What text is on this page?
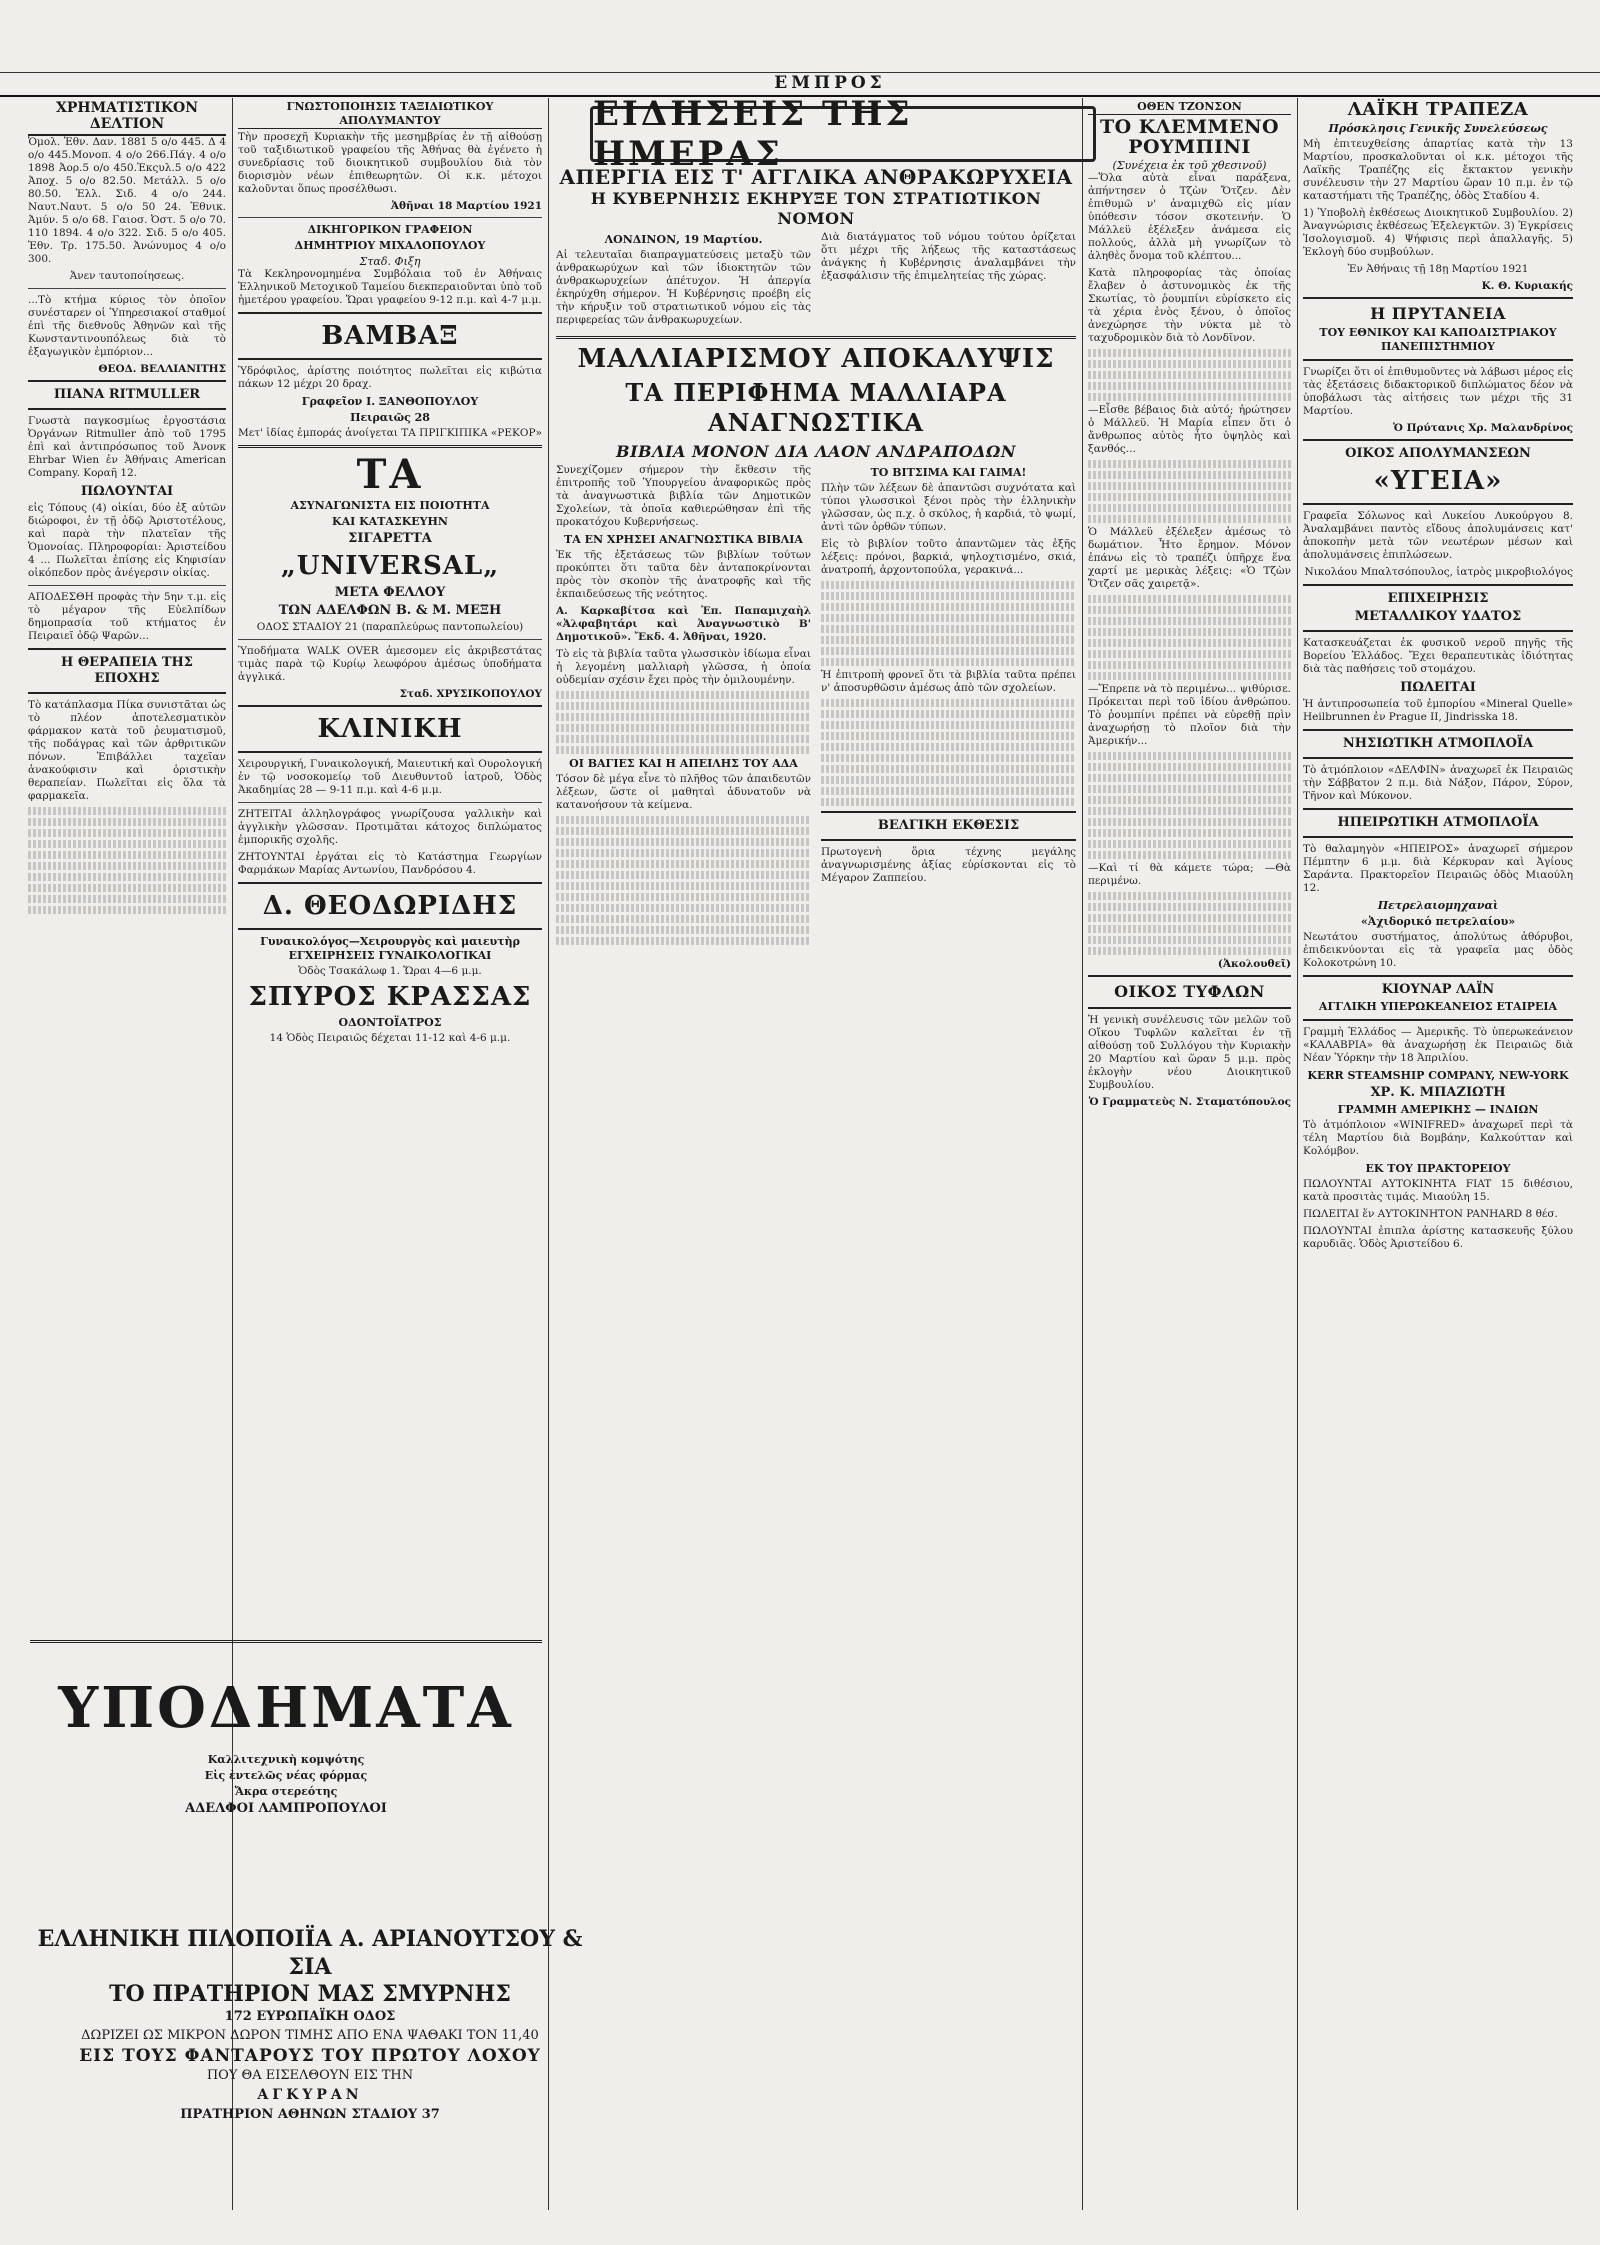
ΕΜΠΡΟΣ
ΧΡΗΜΑΤΙΣΤΙΚΟΝ ΔΕΛΤΙΟΝ

Ὁμολ. Ἐθν. Δαν. 1881 5 ο/ο 445. Δ 4 ο/ο 445.Μονοπ. 4 ο/ο 266.Πάγ. 4 ο/ο 1898 Ἀορ.5 ο/ο 450.Ἐκςυλ.5 ο/ο 422 Ἀποχ. 5 ο/ο 82.50. Μετάλλ. 5 ο/ο 80.50. Ἑλλ. Σιδ. 4 ο/ο 244. Ναυτ.Ναυτ. 5 ο/ο 50 24. Ἐθνικ. Ἀμύν. 5 ο/ο 68. Γαιοσ. Ὀστ. 5 ο/ο 70. 110 1894. 4 ο/ο 322. Σιδ. 5 ο/ο 405. Ἐθν. Τρ. 175.50. Ἀνώνυμος 4 ο/ο 300.

Ἀνεν ταυτοποίησεως.

...Τὸ κτήμα κύριος τὸν ὁποῖον συνέσταρεν οἱ Ὑπηρεσιακοί σταθμοί ἐπὶ τῆς διεθνοῦς Ἀθηνῶν καὶ τῆς Κωνσταντινουπόλεως διὰ τὸ ἐξαγωγικὸν ἐμπόριον...

ΘΕΟΔ. ΒΕΛΛΙΑΝΙΤΗΣ
ΠΙΑΝΑ RITMULLER

Γνωστὰ παγκοσμίως ἐργοστάσια Ὀργάνων Ritmuller ἀπὸ τοῦ 1795 ἐπὶ καὶ ἀντιπρόσωπος τοῦ Ἀνονκ Ehrbar Wien ἐν Ἀθήναις American Company. Κοραῆ 12.

ΠΩΛΟΥΝΤΑΙ

εἰς Τόπους (4) οἰκίαι, δύο ἐξ αὐτῶν διώροφοι, ἐν τῇ ὁδῷ Ἀριστοτέλους, καὶ παρὰ τὴν πλατεῖαν τῆς Ὁμονοίας. Πληροφορίαι: Ἀριστείδου 4 ... Πωλεῖται ἐπίσης εἰς Κηφισίαν οἰκόπεδον πρὸς ἀνέγερσιν οἰκίας.

ΑΠΟΔΕΣΘΗ προφὰς τὴν 5ην τ.μ. εἰς τὸ μέγαρον τῆς Εὐελπίδων δημοπρασία τοῦ κτήματος ἐν Πειραιεῖ ὁδῷ Ψαρῶν...

Η ΘΕΡΑΠΕΙΑ ΤΗΣ ΕΠΟΧΗΣ

Τὸ κατάπλασμα Πίκα συνιστᾶται ὡς τὸ πλέον ἀποτελεσματικὸν φάρμακον κατὰ τοῦ ῥευματισμοῦ, τῆς ποδάγρας καὶ τῶν ἀρθριτικῶν πόνων. Ἐπιβάλλει ταχεῖαν ἀνακούφισιν καὶ ὁριστικὴν θεραπείαν. Πωλεῖται εἰς ὅλα τὰ φαρμακεῖα.

ΓΝΩΣΤΟΠΟΙΗΣΙΣ ΤΑΞΙΔΙΩΤΙΚΟΥ ΑΠΟΛΥΜΑΝΤΟΥ

Τὴν προσεχῆ Κυριακὴν τῆς μεσημβρίας ἐν τῇ αἰθούσῃ τοῦ ταξιδιωτικοῦ γραφείου τῆς Ἀθήνας θὰ ἐγένετο ἡ συνεδρίασις τοῦ διοικητικοῦ συμβουλίου διὰ τὸν διορισμὸν νέων ἐπιθεωρητῶν. Οἱ κ.κ. μέτοχοι καλοῦνται ὅπως προσέλθωσι.

Ἀθῆναι 18 Μαρτίου 1921
ΔΙΚΗΓΟΡΙΚΟΝ ΓΡΑΦΕΙΟΝ
ΔΗΜΗΤΡΙΟΥ ΜΙΧΑΛΟΠΟΥΛΟΥ
Σταδ. Φιξη

Τὰ Κεκληρονομημένα Συμβόλαια τοῦ ἐν Ἀθήναις Ἑλληνικοῦ Μετοχικοῦ Ταμείου διεκπεραιοῦνται ὑπὸ τοῦ ἡμετέρου γραφείου. Ὥραι γραφείου 9-12 π.μ. καὶ 4-7 μ.μ.

ΒΑΜΒΑΞ

Ὑδρόφιλος, ἀρίστης ποιότητος πωλεῖται εἰς κιβώτια πάκων 12 μέχρι 20 δραχ.

Γραφεῖον Ι. ΞΑΝΘΟΠΟΥΛΟΥ
Πειραιῶς 28

Μετ' ἰδίας ἐμποράς ἀνοίγεται ΤΑ ΠΡΙΓΚΙΠΙΚΑ «ΡΕΚΟΡ»

ΤΑ
ΑΣΥΝΑΓΩΝΙΣΤΑ ΕΙΣ ΠΟΙΟΤΗΤΑ
ΚΑΙ ΚΑΤΑΣΚΕΥΗΝ
ΣΙΓΑΡΕΤΤΑ
„UNIVERSAL„
ΜΕΤΑ ΦΕΛΛΟΥ
ΤΩΝ ΑΔΕΛΦΩΝ Β. & Μ. ΜΕΞΗ

ΟΔΟΣ ΣΤΑΔΙΟΥ 21 (παραπλεύρως παντοπωλείου)

Ὑποδήματα WALK OVER ἀμεσομεν εἰς ἀκριβεστάτας τιμὰς παρὰ τῷ Κυρίῳ λεωφόρου ἀμέσως ὑποδήματα ἀγγλικά.

Σταδ. ΧΡΥΣΙΚΟΠΟΥΛΟΥ
ΚΛΙΝΙΚΗ

Χειρουργική, Γυναικολογική, Μαιευτική καὶ Ουρολογική ἐν τῷ νοσοκομείῳ τοῦ Διευθυντοῦ ἰατροῦ, Ὁδὸς Ἀκαδημίας 28 — 9-11 π.μ. καὶ 4-6 μ.μ.

ΖΗΤΕΙΤΑΙ ἀλληλογράφος γνωρίζουσα γαλλικὴν καὶ ἀγγλικὴν γλῶσσαν. Προτιμᾶται κάτοχος διπλώματος ἐμπορικῆς σχολῆς.

ΖΗΤΟΥΝΤΑΙ ἐργάται εἰς τὸ Κατάστημα Γεωργίων Φαρμάκων Μαρίας Αντωνίου, Πανδρόσου 4.

Δ. ΘΕΟΔΩΡΙΔΗΣ
Γυναικολόγος—Χειρουργὸς καὶ μαιευτὴρ ΕΓΧΕΙΡΗΣΕΙΣ ΓΥΝΑΙΚΟΛΟΓΙΚΑΙ

Ὁδὸς Τσακάλωφ 1. Ὥραι 4—6 μ.μ.

ΣΠΥΡΟΣ ΚΡΑΣΣΑΣ
ΟΔΟΝΤΟΪΑΤΡΟΣ

14 Ὁδὸς Πειραιῶς δέχεται 11-12 καὶ 4-6 μ.μ.

ΥΠΟΔΗΜΑΤΑ
Καλλιτεχνικὴ κομψότης
Εἰς ἐντελῶς νέας φόρμας
Ἄκρα στερεότης
ΑΔΕΛΦΟΙ ΛΑΜΠΡΟΠΟΥΛΟΙ
ΕΛΛΗΝΙΚΗ ΠΙΛΟΠΟΙΪΑ Α. ΑΡΙΑΝΟΥΤΣΟΥ & ΣΙΑ
ΤΟ ΠΡΑΤΗΡΙΟΝ ΜΑΣ ΣΜΥΡΝΗΣ
172 ΕΥΡΩΠΑΪΚΗ ΟΔΟΣ
ΔΩΡΙΖΕΙ ΩΣ ΜΙΚΡΟΝ ΔΩΡΟΝ ΤΙΜΗΣ ΑΠΟ ΕΝΑ ΨΑΘΑΚΙ ΤΟΝ 11,40
ΕΙΣ ΤΟΥΣ ΦΑΝΤΑΡΟΥΣ ΤΟΥ ΠΡΩΤΟΥ ΛΟΧΟΥ
ΠΟΥ ΘΑ ΕΙΣΕΛΘΟΥΝ ΕΙΣ ΤΗΝ
ΑΓΚΥΡΑΝ
ΠΡΑΤΗΡΙΟΝ ΑΘΗΝΩΝ ΣΤΑΔΙΟΥ 37
ΕΙΔΗΣΕΙΣ ΤΗΣ ΗΜΕΡΑΣ
ΑΠΕΡΓΙΑ ΕΙΣ Τ' ΑΓΓΛΙΚΑ ΑΝΘΡΑΚΩΡΥΧΕΙΑ
Η ΚΥΒΕΡΝΗΣΙΣ ΕΚΗΡΥΞΕ ΤΟΝ ΣΤΡΑΤΙΩΤΙΚΟΝ ΝΟΜΟΝ
ΛΟΝΔΙΝΟΝ, 19 Μαρτίου.

Αἱ τελευταῖαι διαπραγματεύσεις μεταξὺ τῶν ἀνθρακωρύχων καὶ τῶν ἰδιοκτητῶν τῶν ἀνθρακωρυχείων ἀπέτυχον. Ἡ ἀπεργία ἐκηρύχθη σήμερον. Ἡ Κυβέρνησις προέβη εἰς τὴν κήρυξιν τοῦ στρατιωτικοῦ νόμου εἰς τὰς περιφερείας τῶν ἀνθρακωρυχείων.

Διὰ διατάγματος τοῦ νόμου τούτου ὁρίζεται ὅτι μέχρι τῆς λήξεως τῆς καταστάσεως ἀνάγκης ἡ Κυβέρνησις ἀναλαμβάνει τὴν ἐξασφάλισιν τῆς ἐπιμελητείας τῆς χώρας.

ΜΑΛΛΙΑΡΙΣΜΟΥ ΑΠΟΚΑΛΥΨΙΣ
ΤΑ ΠΕΡΙΦΗΜΑ ΜΑΛΛΙΑΡΑ ΑΝΑΓΝΩΣΤΙΚΑ
ΒΙΒΛΙΑ ΜΟΝΟΝ ΔΙΑ ΛΑΟΝ ΑΝΔΡΑΠΟΔΩΝ

Συνεχίζομεν σήμερον τὴν ἔκθεσιν τῆς ἐπιτροπῆς τοῦ Ὑπουργείου ἀναφορικῶς πρὸς τὰ ἀναγνωστικὰ βιβλία τῶν Δημοτικῶν Σχολείων, τὰ ὁποῖα καθιερώθησαν ἐπὶ τῆς προκατόχου Κυβερνήσεως.

ΤΑ ΕΝ ΧΡΗΣΕΙ ΑΝΑΓΝΩΣΤΙΚΑ ΒΙΒΛΙΑ

Ἐκ τῆς ἐξετάσεως τῶν βιβλίων τούτων προκύπτει ὅτι ταῦτα δὲν ἀνταποκρίνονται πρὸς τὸν σκοπὸν τῆς ἀνατροφῆς καὶ τῆς ἐκπαιδεύσεως τῆς νεότητος.

Α. Καρκαβίτσα καὶ Ἐπ. Παπαμιχαὴλ «Ἀλφαβητάρι καὶ Ἀναγνωστικὸ Β' Δημοτικοῦ». Ἔκδ. 4. Ἀθῆναι, 1920.

Τὸ εἰς τὰ βιβλία ταῦτα γλωσσικὸν ἰδίωμα εἶναι ἡ λεγομένη μαλλιαρὴ γλῶσσα, ἡ ὁποία οὐδεμίαν σχέσιν ἔχει πρὸς τὴν ὁμιλουμένην.

ΟΙ ΒΑΓΙΕΣ ΚΑΙ Η ΑΠΕΙΛΗΣ ΤΟΥ ΑΔΑ

Τόσον δὲ μέγα εἶνε τὸ πλῆθος τῶν ἀπαιδευτῶν λέξεων, ὥστε οἱ μαθηταὶ ἀδυνατοῦν νὰ κατανοήσουν τὰ κείμενα.

ΤΟ ΒΙΤΣΙΜΑ ΚΑΙ ΓΑΙΜΑ!

Πλὴν τῶν λέξεων δὲ ἀπαντῶσι συχνότατα καὶ τύποι γλωσσικοὶ ξένοι πρὸς τὴν ἑλληνικὴν γλῶσσαν, ὡς π.χ. ὁ σκύλος, ἡ καρδιά, τὸ ψωμί, ἀντὶ τῶν ὀρθῶν τύπων.

Εἰς τὸ βιβλίον τοῦτο ἀπαντῶμεν τὰς ἑξῆς λέξεις: πρόνοι, βαρκιά, ψηλοχτισμένο, σκιά, ἀνατροπή, ἀρχοντοπούλα, γερακινά...

Ἡ ἐπιτροπὴ φρονεῖ ὅτι τὰ βιβλία ταῦτα πρέπει ν' ἀποσυρθῶσιν ἀμέσως ἀπὸ τῶν σχολείων.

ΒΕΛΓΙΚΗ ΕΚΘΕΣΙΣ

Πρωτογενὴ ὅρια τέχνης μεγάλης ἀναγνωρισμένης ἀξίας εὑρίσκονται εἰς τὸ Μέγαρον Ζαππείου.

ΟΘΕΝ ΤΖΟΝΣΟΝ
ΤΟ ΚΛΕΜΜΕΝΟ ΡΟΥΜΠΙΝΙ
(Συνέχεια ἐκ τοῦ χθεσινοῦ)

—Ὅλα αὐτὰ εἶναι παράξενα, ἀπήντησεν ὁ Τζὼν Ὄτζεν. Δὲν ἐπιθυμῶ ν' ἀναμιχθῶ εἰς μίαν ὑπόθεσιν τόσον σκοτεινήν. Ὁ Μάλλεϋ ἐξέλεξεν ἀνάμεσα εἰς πολλούς, ἀλλὰ μὴ γνωρίζων τὸ ἀληθὲς ὄνομα τοῦ κλέπτου...

Κατὰ πληροφορίας τὰς ὁποίας ἔλαβεν ὁ ἀστυνομικὸς ἐκ τῆς Σκωτίας, τὸ ῥουμπίνι εὑρίσκετο εἰς τὰ χέρια ἑνὸς ξένου, ὁ ὁποῖος ἀνεχώρησε τὴν νύκτα μὲ τὸ ταχυδρομικὸν διὰ τὸ Λονδῖνον.

—Εἶσθε βέβαιος διὰ αὐτό; ἠρώτησεν ὁ Μάλλεϋ. Ἡ Μαρία εἶπεν ὅτι ὁ ἄνθρωπος αὐτὸς ἦτο ὑψηλὸς καὶ ξανθός...

Ὁ Μάλλεϋ ἐξέλεξεν ἀμέσως τὸ δωμάτιον. Ἦτο ἔρημον. Μόνον ἐπάνω εἰς τὸ τραπέζι ὑπῆρχε ἕνα χαρτί με μερικὰς λέξεις: «Ὁ Τζὼν Ὄτζεν σᾶς χαιρετᾷ».

—Ἔπρεπε νὰ τὸ περιμένω... ψιθύρισε. Πρόκειται περὶ τοῦ ἰδίου ἀνθρώπου. Τὸ ῥουμπίνι πρέπει νὰ εὑρεθῇ πρὶν ἀναχωρήσῃ τὸ πλοῖον διὰ τὴν Ἀμερικήν...

—Καὶ τί θὰ κάμετε τώρα; —Θὰ περιμένω.

(Ἀκολουθεῖ)
ΟΙΚΟΣ ΤΥΦΛΩΝ

Ἡ γενικὴ συνέλευσις τῶν μελῶν τοῦ Οἴκου Τυφλῶν καλεῖται ἐν τῇ αἰθούσῃ τοῦ Συλλόγου τὴν Κυριακὴν 20 Μαρτίου καὶ ὥραν 5 μ.μ. πρὸς ἐκλογὴν νέου Διοικητικοῦ Συμβουλίου.

Ὁ Γραμματεὺς Ν. Σταματόπουλος
ΛΑΪΚΗ ΤΡΑΠΕΖΑ
Πρόσκλησις Γενικῆς Συνελεύσεως

Μὴ ἐπιτευχθείσης ἀπαρτίας κατὰ τὴν 13 Μαρτίου, προσκαλοῦνται οἱ κ.κ. μέτοχοι τῆς Λαϊκῆς Τραπέζης εἰς ἔκτακτον γενικὴν συνέλευσιν τὴν 27 Μαρτίου ὥραν 10 π.μ. ἐν τῷ καταστήματι τῆς Τραπέζης, ὁδὸς Σταδίου 4.

1) Ὑποβολὴ ἐκθέσεως Διοικητικοῦ Συμβουλίου. 2) Ἀναγνώρισις ἐκθέσεως Ἐξελεγκτῶν. 3) Ἐγκρίσεις Ἰσολογισμοῦ. 4) Ψήφισις περὶ ἀπαλλαγῆς. 5) Ἐκλογὴ δύο συμβούλων.

Ἐν Ἀθήναις τῇ 18ῃ Μαρτίου 1921

Κ. Θ. Κυριακής
Η ΠΡΥΤΑΝΕΙΑ
ΤΟΥ ΕΘΝΙΚΟΥ ΚΑΙ ΚΑΠΟΔΙΣΤΡΙΑΚΟΥ ΠΑΝΕΠΙΣΤΗΜΙΟΥ

Γνωρίζει ὅτι οἱ ἐπιθυμοῦντες νὰ λάβωσι μέρος εἰς τὰς ἐξετάσεις διδακτορικοῦ διπλώματος δέον νὰ ὑποβάλωσι τὰς αἰτήσεις των μέχρι τῆς 31 Μαρτίου.

Ὁ Πρύτανις Χρ. Μαλανδρίνος
ΟΙΚΟΣ ΑΠΟΛΥΜΑΝΣΕΩΝ
«ΥΓΕΙΑ»

Γραφεῖα Σόλωνος καὶ Λυκείου Λυκούργου 8. Ἀναλαμβάνει παντὸς εἴδους ἀπολυμάνσεις κατ' ἀποκοπὴν μετὰ τῶν νεωτέρων μέσων καὶ ἀπολυμάνσεις ἐπιπλώσεων.

Νικολάου Μπαλτσόπουλος, ἰατρὸς μικροβιολόγος

ΕΠΙΧΕΙΡΗΣΙΣ
ΜΕΤΑΛΛΙΚΟΥ ΥΔΑΤΟΣ

Κατασκευάζεται ἐκ φυσικοῦ νεροῦ πηγῆς τῆς Βορείου Ἑλλάδος. Ἔχει θεραπευτικὰς ἰδιότητας διὰ τὰς παθήσεις τοῦ στομάχου.

ΠΩΛΕΙΤΑΙ

Ἡ ἀντιπροσωπεία τοῦ ἐμπορίου «Mineral Quelle» Heilbrunnen ἐν Prague II, Jindrisska 18.

ΝΗΣΙΩΤΙΚΗ ΑΤΜΟΠΛΟΪΑ

Τὸ ἀτμόπλοιον «ΔΕΛΦΙΝ» ἀναχωρεῖ ἐκ Πειραιῶς τὴν Σάββατον 2 π.μ. διὰ Νάξον, Πάρον, Σύρον, Τῆνον καὶ Μύκονον.

ΗΠΕΙΡΩΤΙΚΗ ΑΤΜΟΠΛΟΪΑ

Τὸ θαλαμηγὸν «ΗΠΕΙΡΟΣ» ἀναχωρεῖ σήμερον Πέμπτην 6 μ.μ. διὰ Κέρκυραν καὶ Ἀγίους Σαράντα. Πρακτορεῖον Πειραιῶς ὁδὸς Μιαούλη 12.

Πετρελαιομηχαναὶ
«Ἀχιδορικό πετρελαίου»

Νεωτάτου συστήματος, ἀπολύτως ἀθόρυβοι, ἐπιδεικνύονται εἰς τὰ γραφεῖα μας ὁδὸς Κολοκοτρώνη 10.

ΚΙΟΥΝΑΡ ΛΑΪΝ
ΑΓΓΛΙΚΗ ΥΠΕΡΩΚΕΑΝΕΙΟΣ ΕΤΑΙΡΕΙΑ

Γραμμὴ Ἑλλάδος — Ἀμερικῆς. Τὸ ὑπερωκεάνειον «ΚΑΛΑΒΡΙΑ» θὰ ἀναχωρήσῃ ἐκ Πειραιῶς διὰ Νέαν Ὑόρκην τὴν 18 Ἀπριλίου.

KERR STEAMSHIP COMPANY, NEW-YORK
ΧΡ. Κ. ΜΠΑΖΙΩΤΗ
ΓΡΑΜΜΗ ΑΜΕΡΙΚΗΣ — ΙΝΔΙΩΝ

Τὸ ἀτμόπλοιον «WINIFRED» ἀναχωρεῖ περὶ τὰ τέλη Μαρτίου διὰ Βομβάην, Καλκούτταν καὶ Κολόμβον.

ΕΚ ΤΟΥ ΠΡΑΚΤΟΡΕΙΟΥ

ΠΩΛΟΥΝΤΑΙ ΑΥΤΟΚΙΝΗΤΑ FIAT 15 διθέσιου, κατὰ προσιτὰς τιμάς. Μιαούλη 15.

ΠΩΛΕΙΤΑΙ ἕν ΑΥΤΟΚΙΝΗΤΟΝ PANHARD 8 θέσ.

ΠΩΛΟΥΝΤΑΙ ἐπιπλα ἀρίστης κατασκευῆς ξύλου καρυδιᾶς. Ὁδὸς Ἀριστείδου 6.
